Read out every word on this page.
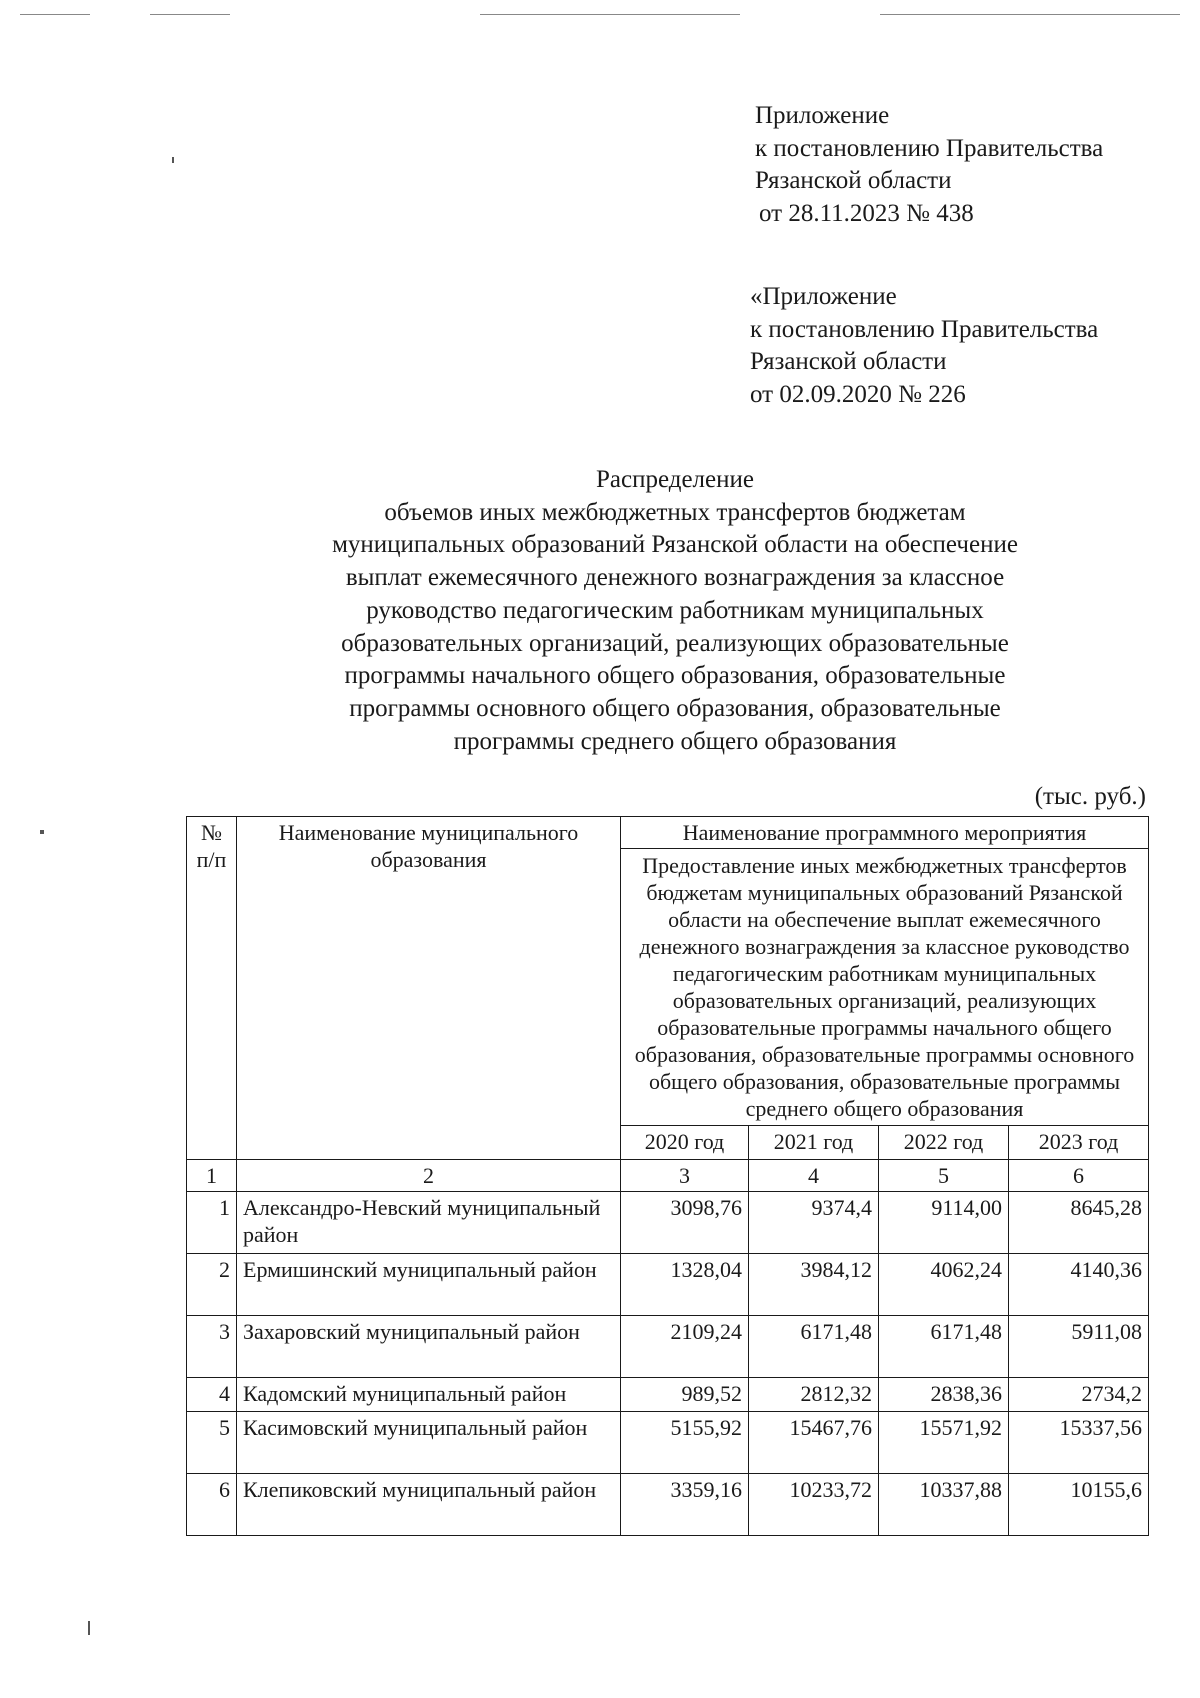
Приложение
к постановлению Правительства
Рязанской области
от 28.11.2023 № 438
«Приложение
к постановлению Правительства
Рязанской области
от 02.09.2020 № 226
Распределение
объемов иных межбюджетных трансфертов бюджетам
муниципальных образований Рязанской области на обеспечение
выплат ежемесячного денежного вознаграждения за классное
руководство педагогическим работникам муниципальных
образовательных организаций, реализующих образовательные
программы начального общего образования, образовательные
программы основного общего образования, образовательные
программы среднего общего образования
(тыс. руб.)
№ п/п	Наименование муниципального образования	Наименование программного мероприятия			
		Предоставление иных межбюджетных трансфертов бюджетам муниципальных образований Рязанской области на обеспечение выплат ежемесячного денежного вознаграждения за классное руководство педагогическим работникам муниципальных образовательных организаций, реализующих образовательные программы начального общего образования, образовательные программы основного общего образования, образовательные программы среднего общего образования			
		2020 год	2021 год	2022 год	2023 год
1	2	3	4	5	6
1	Александро-Невский муниципальный район	3098,76	9374,4	9114,00	8645,28
2	Ермишинский муниципальный район	1328,04	3984,12	4062,24	4140,36
3	Захаровский муниципальный район	2109,24	6171,48	6171,48	5911,08
4	Кадомский муниципальный район	989,52	2812,32	2838,36	2734,2
5	Касимовский муниципальный район	5155,92	15467,76	15571,92	15337,56
6	Клепиковский муниципальный район	3359,16	10233,72	10337,88	10155,6
